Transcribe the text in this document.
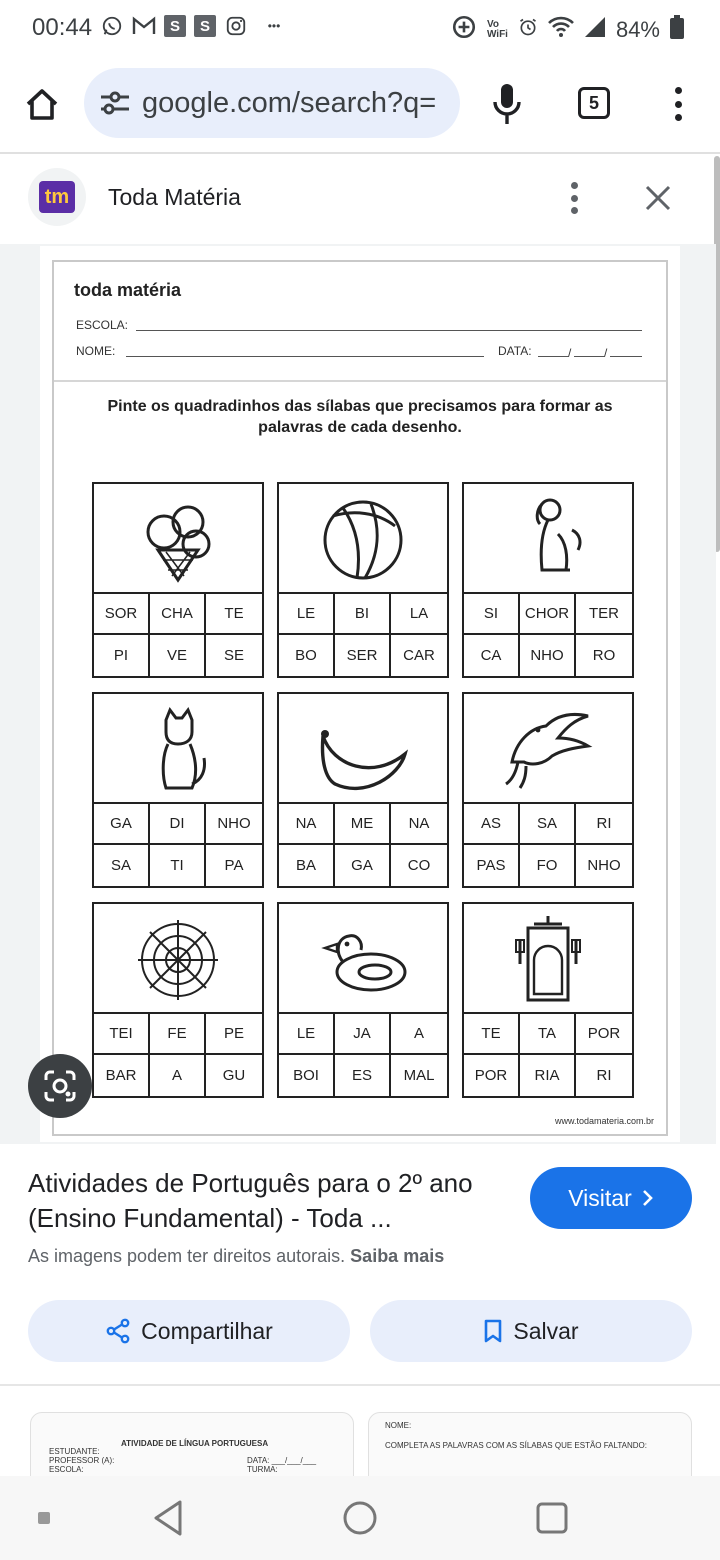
00:44	S	S	•••	Vo
WiFi	84%
google.com/search?q=	5
tm Toda Matéria
toda matéria
ESCOLA:
NOME:	DATA:	/	/
Pinte os quadradinhos das sílabas que precisamos para formar as palavras de cada desenho.
SOR	CHA	TE
PI	VE	SE
LE	BI	LA
BO	SER	CAR
SI	CHOR	TER
CA	NHO	RO
GA	DI	NHO
SA	TI	PA
NA	ME	NA
BA	GA	CO
AS	SA	RI
PAS	FO	NHO
TEI	FE	PE
BAR	A	GU
LE	JA	A
BOI	ES	MAL
TE	TA	POR
POR	RIA	RI
www.todamateria.com.br
Atividades de Português para o 2º ano (Ensino Fundamental) - Toda ...
Visitar
As imagens podem ter direitos autorais. Saiba mais
Compartilhar	Salvar
ATIVIDADE DE LÍNGUA PORTUGUESA
ESTUDANTE:
PROFESSOR (A):
ESCOLA:
DATA: ___/___/___
TURMA:
NOME:
COMPLETA AS PALAVRAS COM AS SÍLABAS QUE ESTÃO FALTANDO:
